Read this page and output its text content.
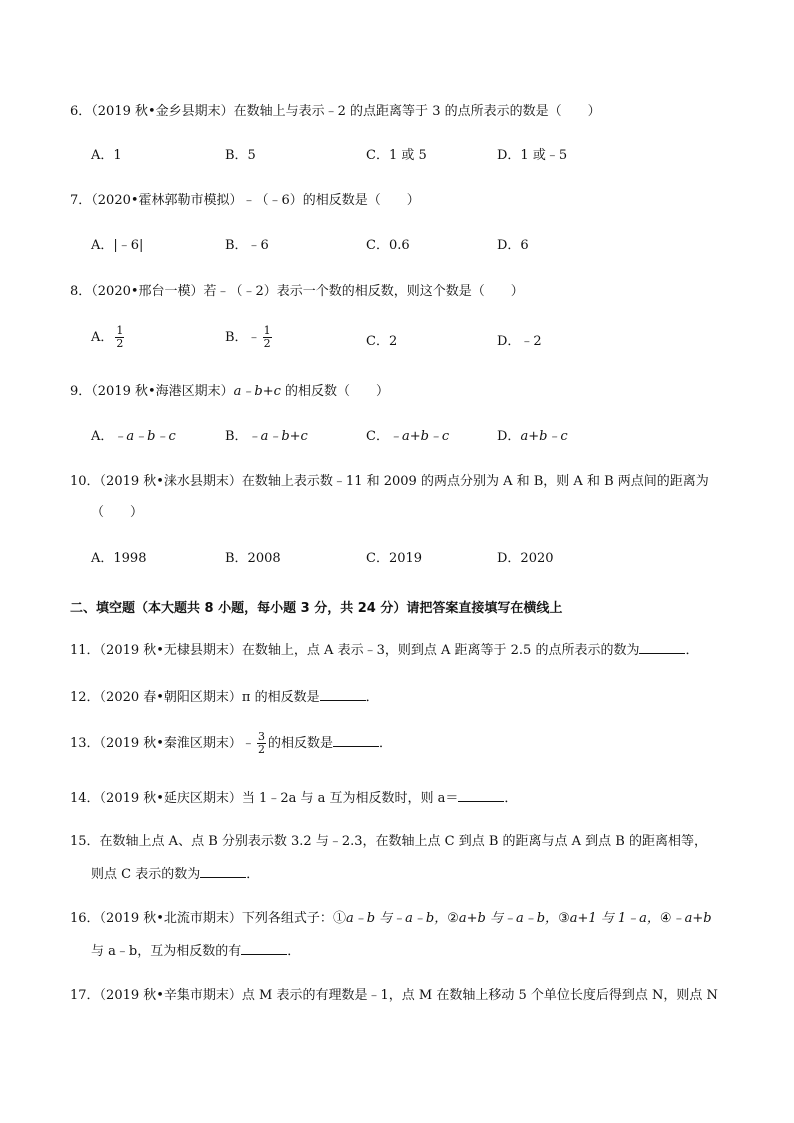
6．（2019 秋•金乡县期末）在数轴上与表示﹣2 的点距离等于 3 的点所表示的数是（　　）
A．1	B．5	C．1 或 5	D．1 或﹣5
7．（2020•霍林郭勒市模拟）﹣（﹣6）的相反数是（　　）
A．|﹣6|	B．﹣6	C．0.6	D．6
8．（2020•邢台一模）若﹣（﹣2）表示一个数的相反数，则这个数是（　　）
A． $\frac{1}{2}$	B．﹣ $\frac{1}{2}$	C．2	D．﹣2
9．（2019 秋•海港区期末）a﹣b+c 的相反数（　　）
A．﹣a﹣b﹣c	B．﹣a﹣b+c	C．﹣a+b﹣c	D．a+b﹣c
10．（2019 秋•涞水县期末）在数轴上表示数﹣11 和 2009 的两点分别为 A 和 B，则 A 和 B 两点间的距离为
（　　）
A．1998	B．2008	C．2019	D．2020
二、填空题（本大题共 8 小题，每小题 3 分，共 24 分）请把答案直接填写在横线上
11．（2019 秋•无棣县期末）在数轴上，点 A 表示﹣3，则到点 A 距离等于 2.5 的点所表示的数为	．
12．（2020 春•朝阳区期末）π 的相反数是	．
13．（2019 秋•秦淮区期末）﹣ $\frac{3}{2}$ 的相反数是	．
14．（2019 秋•延庆区期末）当 1﹣2a 与 a 互为相反数时，则 a＝	．
15．在数轴上点 A、点 B 分别表示数 3.2 与﹣2.3，在数轴上点 C 到点 B 的距离与点 A 到点 B 的距离相等，
则点 C 表示的数为	．
16．（2019 秋•北流市期末）下列各组式子：①a﹣b 与﹣a﹣b，②a+b 与﹣a﹣b，③a+1 与 1﹣a，④﹣a+b
与 a﹣b，互为相反数的有	．
17．（2019 秋•辛集市期末）点 M 表示的有理数是﹣1，点 M 在数轴上移动 5 个单位长度后得到点 N，则点 N
